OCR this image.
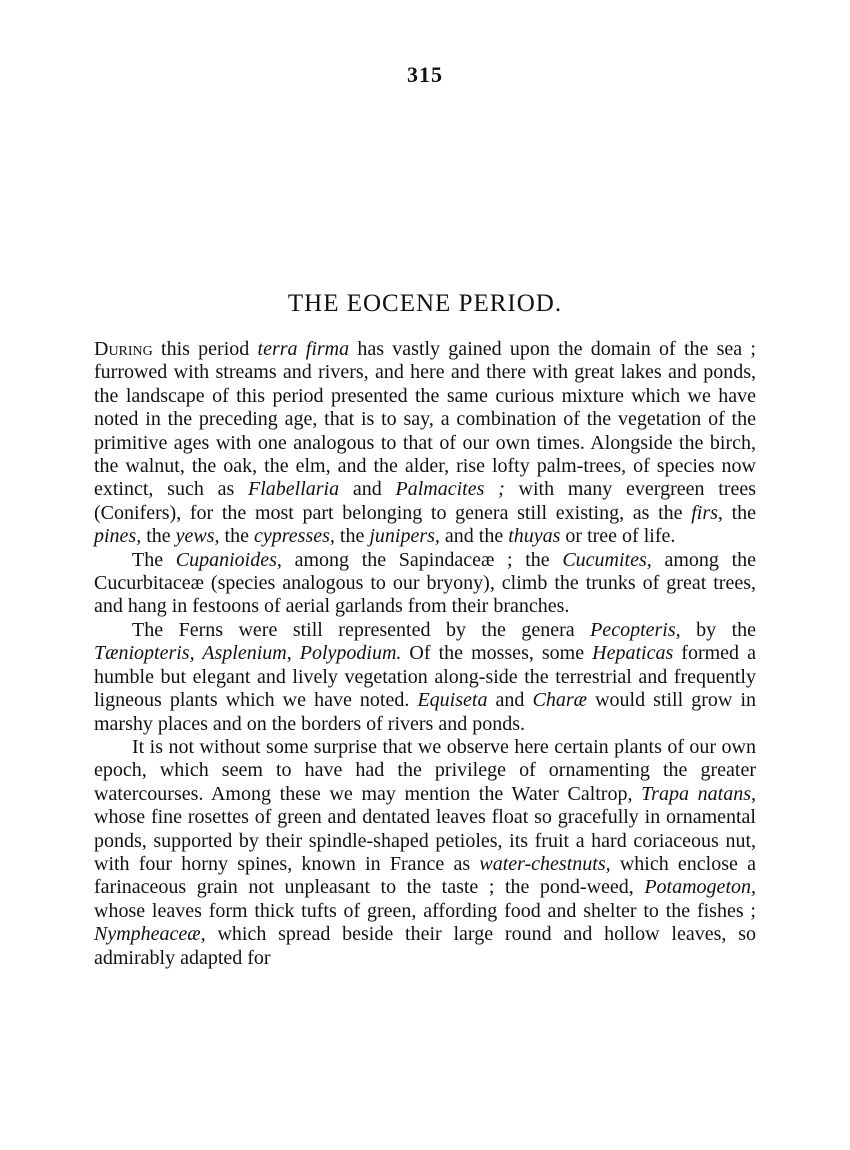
315
THE EOCENE PERIOD.

During this period terra firma has vastly gained upon the domain of the sea ; furrowed with streams and rivers, and here and there with great lakes and ponds, the landscape of this period presented the same curious mixture which we have noted in the preceding age, that is to say, a combination of the vegetation of the primitive ages with one analogous to that of our own times. Alongside the birch, the walnut, the oak, the elm, and the alder, rise lofty palm-trees, of species now extinct, such as Flabellaria and Palmacites ; with many evergreen trees (Conifers), for the most part belonging to genera still existing, as the firs, the pines, the yews, the cypresses, the junipers, and the thuyas or tree of life.

The Cupanioides, among the Sapindaceæ ; the Cucumites, among the Cucurbitaceæ (species analogous to our bryony), climb the trunks of great trees, and hang in festoons of aerial garlands from their branches.

The Ferns were still represented by the genera Pecopteris, by the Tæniopteris, Asplenium, Polypodium. Of the mosses, some Hepaticas formed a humble but elegant and lively vegetation along-side the terrestrial and frequently ligneous plants which we have noted. Equiseta and Charæ would still grow in marshy places and on the borders of rivers and ponds.

It is not without some surprise that we observe here certain plants of our own epoch, which seem to have had the privilege of ornamenting the greater watercourses. Among these we may mention the Water Caltrop, Trapa natans, whose fine rosettes of green and dentated leaves float so gracefully in ornamental ponds, supported by their spindle-shaped petioles, its fruit a hard coriaceous nut, with four horny spines, known in France as water-chestnuts, which enclose a farinaceous grain not unpleasant to the taste ; the pond-weed, Potamogeton, whose leaves form thick tufts of green, affording food and shelter to the fishes ; Nympheaceæ, which spread beside their large round and hollow leaves, so admirably adapted for
